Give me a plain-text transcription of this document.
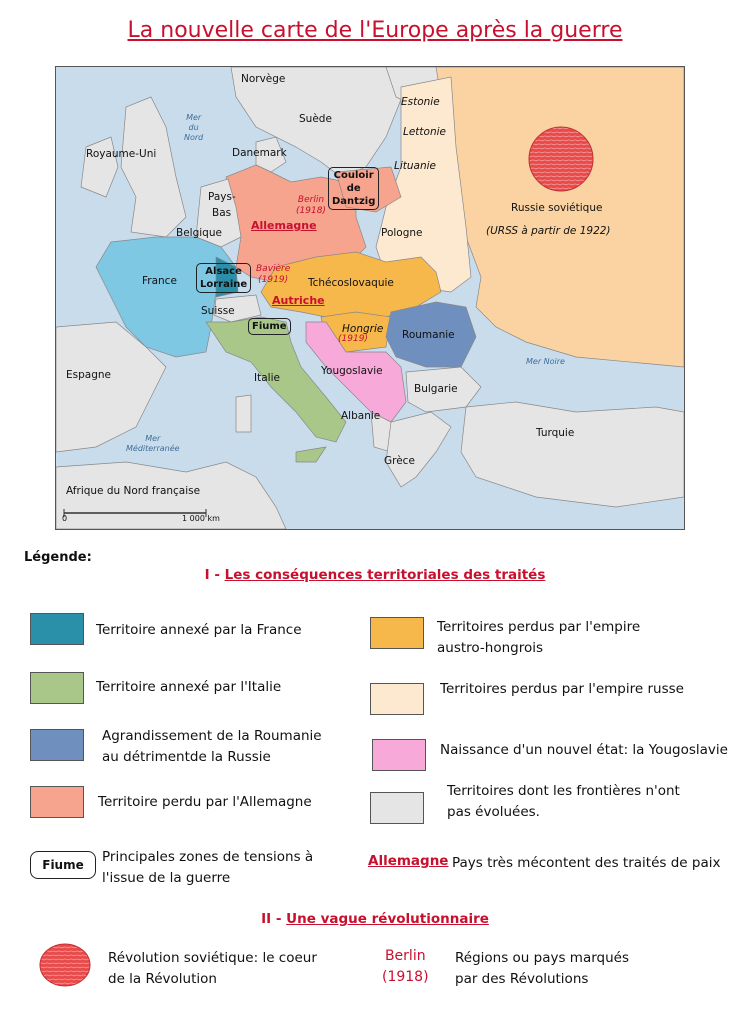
La nouvelle carte de l'Europe après la guerre
Norvège
Suède
Estonie
Lettonie
Lituanie
Royaume-Uni	Danemark
Pays-
Bas
Belgique
France
Allemagne
Pologne
Tchécoslovaquie
Autriche
Suisse
Hongrie Roumanie
Italie
Yougoslavie
Bulgarie
Albanie
Espagne
Grèce
Turquie
Russie soviétique
(URSS à partir de 1922)
Afrique du Nord française
Mer
du
Nord
Mer Noire
Mer
Méditerranée
Berlin
(1918)
Bavière
(1919)
(1919)
Couloir
de
Dantzig
Alsace
Lorraine
Fiume
0	1 000 km
Légende:
I - Les conséquences territoriales des traités
Territoire annexé par la France
Territoire annexé par l'Italie
Agrandissement de la Roumanie
au détrimentde la Russie
Territoire perdu par l'Allemagne
Fiume	Principales zones de tensions à
l'issue de la guerre
Territoires perdus par l'empire
austro-hongrois
Territoires perdus par l'empire russe
Naissance d'un nouvel état: la Yougoslavie
Territoires dont les frontières n'ont
pas évoluées.
Allemagne Pays très mécontent des traités de paix
II - Une vague révolutionnaire
Révolution soviétique: le coeur
de la Révolution
Berlin
(1918)
Régions ou pays marqués
par des Révolutions
